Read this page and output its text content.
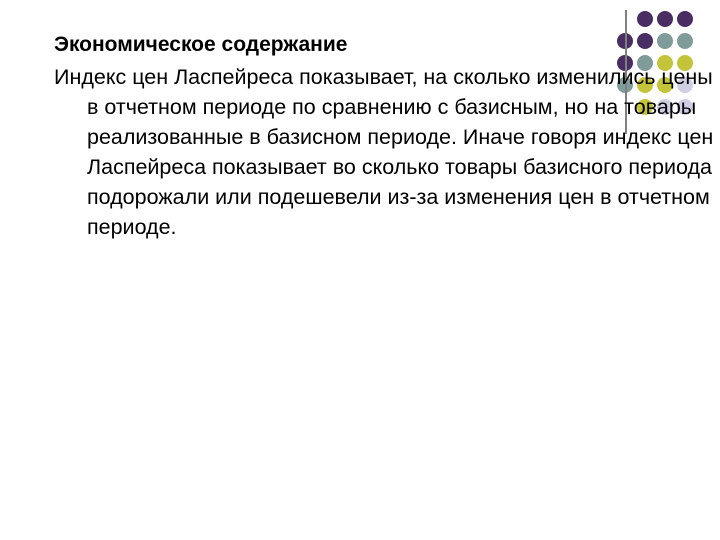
Экономическое содержание

Индекс цен Ласпейреса показывает, на сколько изменились цены в отчетном периоде по сравнению с базисным, но на товары реализованные в базисном периоде. Иначе говоря индекс цен Ласпейреса показывает во сколько товары базисного периода подорожали или подешевели из-за изменения цен в отчетном периоде.
